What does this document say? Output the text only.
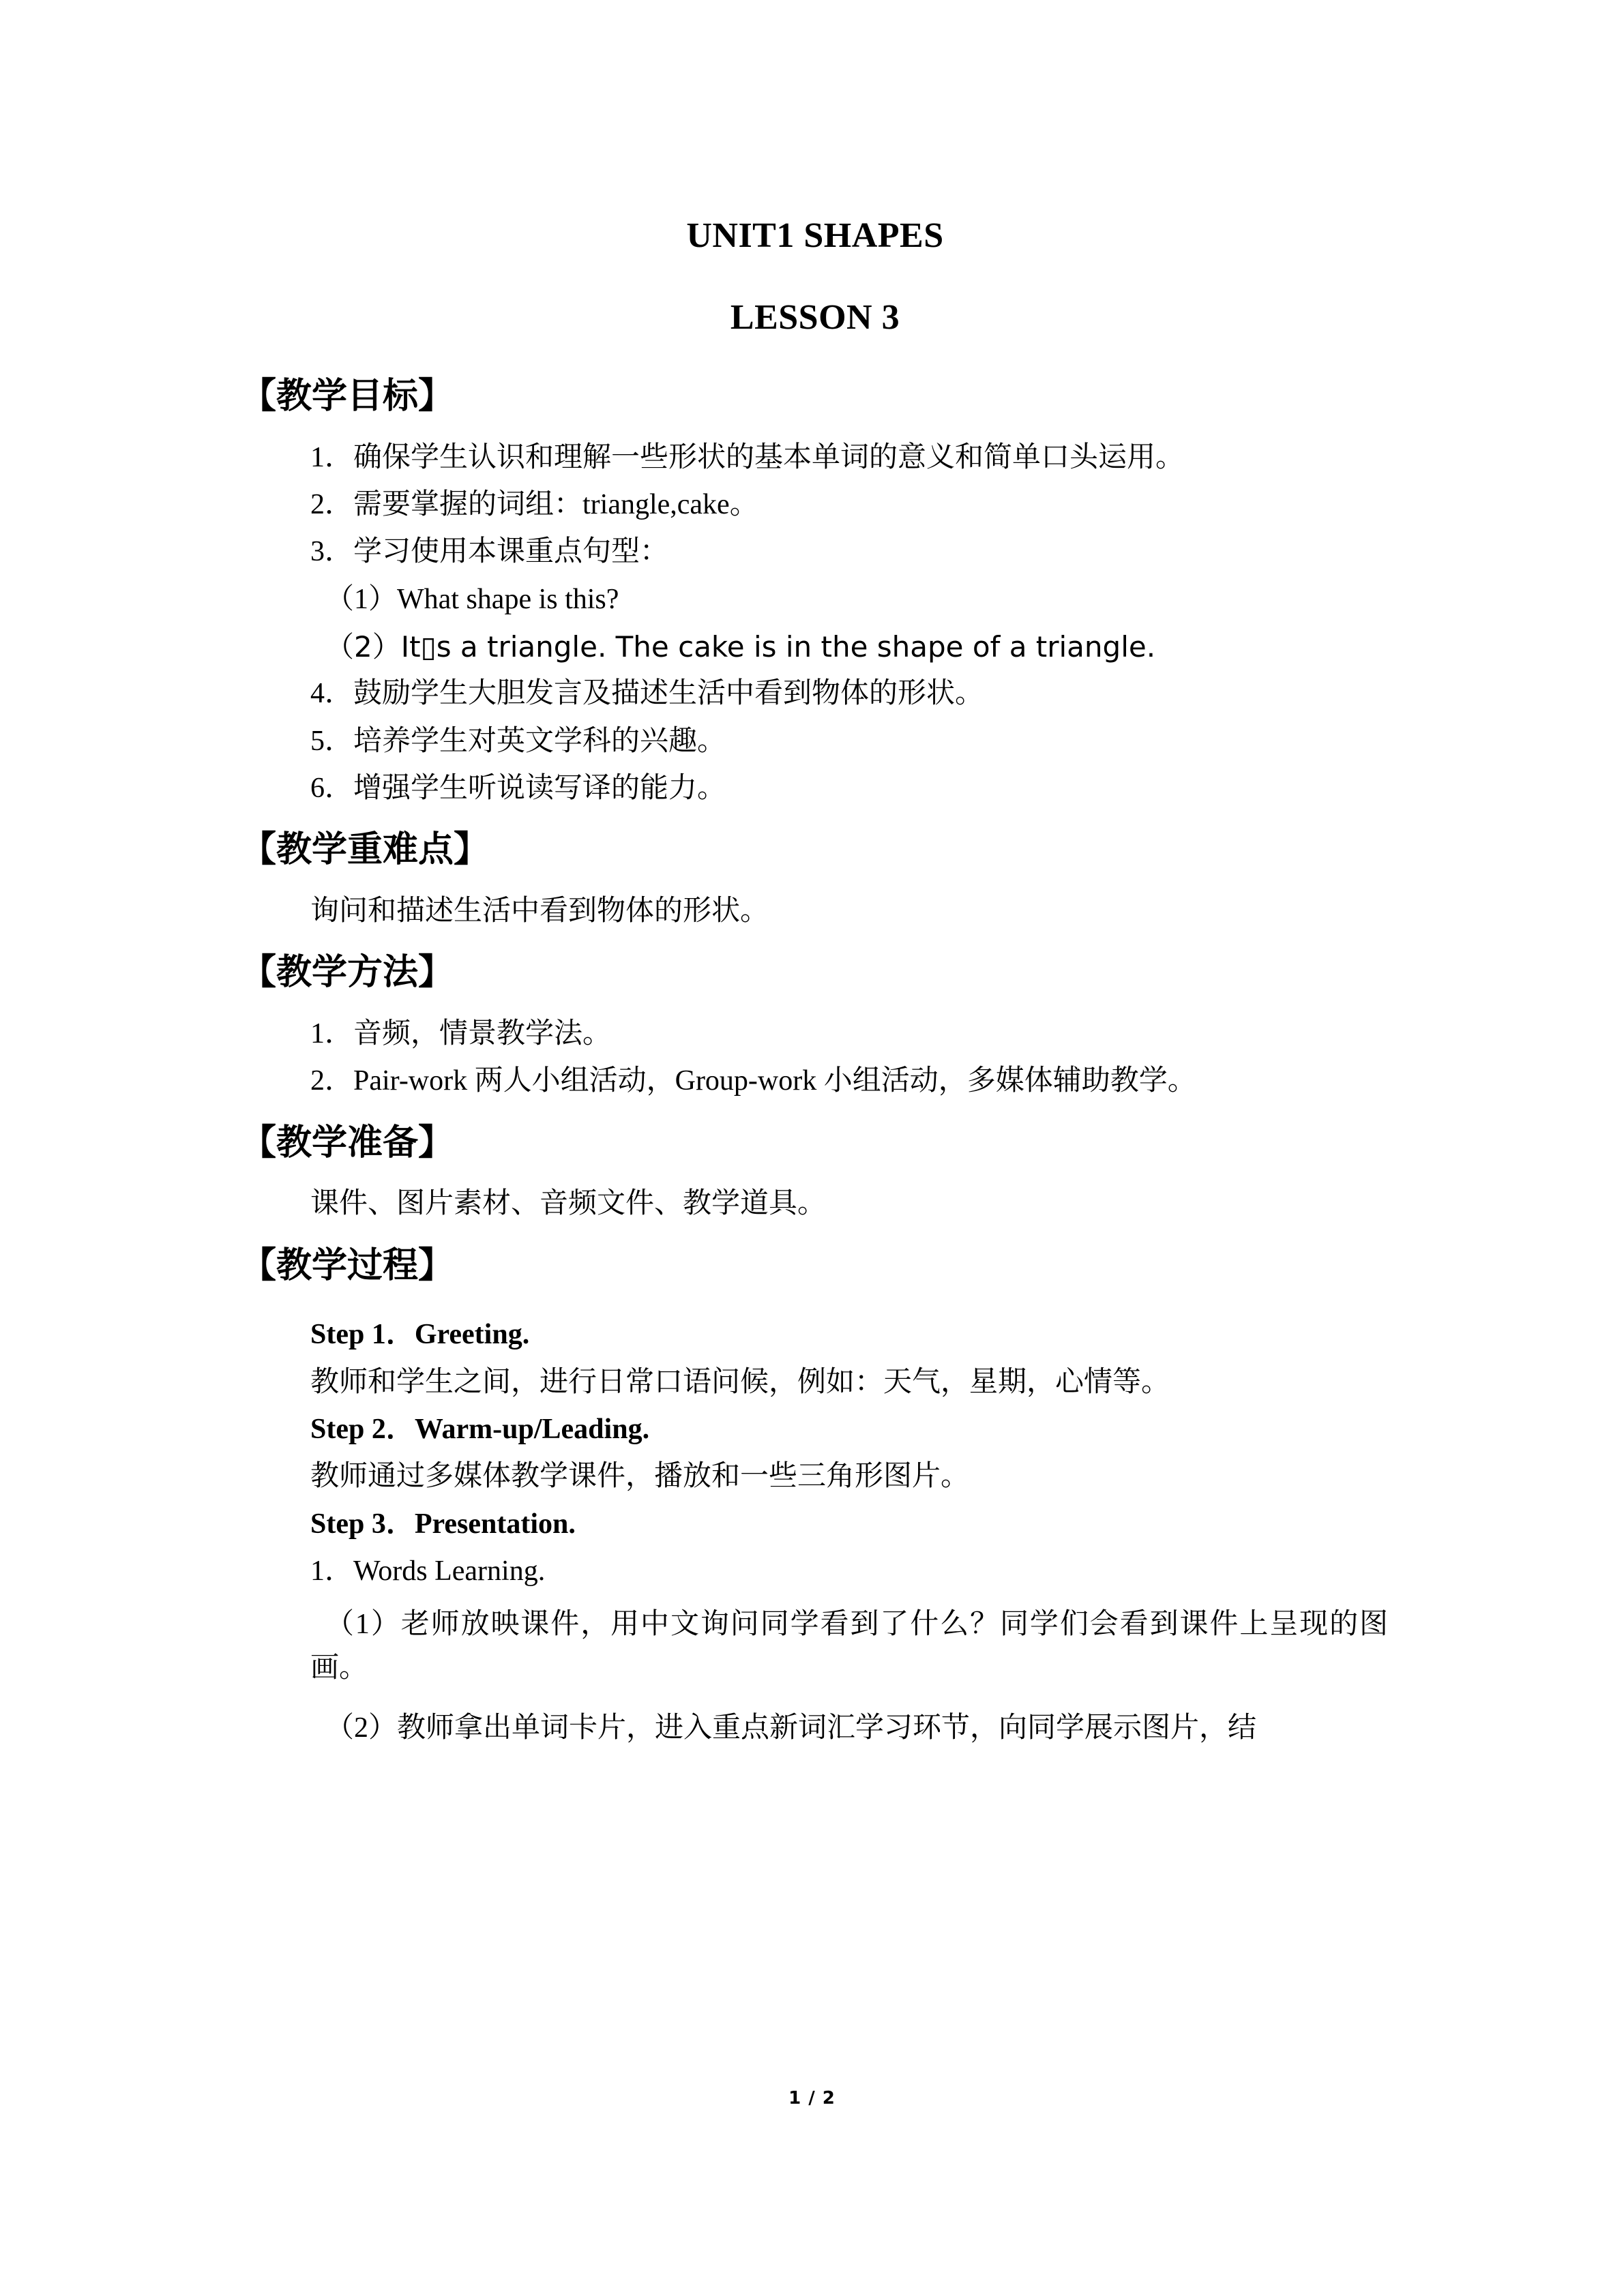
UNIT1 SHAPES
LESSON 3
【教学目标】
1．确保学生认识和理解一些形状的基本单词的意义和简单口头运用。
2．需要掌握的词组：triangle,cake。
3．学习使用本课重点句型：
（1）What shape is this?
（2）It▯s a triangle. The cake is in the shape of a triangle.
4．鼓励学生大胆发言及描述生活中看到物体的形状。
5．培养学生对英文学科的兴趣。
6．增强学生听说读写译的能力。
【教学重难点】
询问和描述生活中看到物体的形状。
【教学方法】
1．音频，情景教学法。
2．Pair-work 两人小组活动，Group-work 小组活动，多媒体辅助教学。
【教学准备】
课件、图片素材、音频文件、教学道具。
【教学过程】
Step 1．Greeting.
教师和学生之间，进行日常口语问候，例如：天气，星期，心情等。
Step 2．Warm-up/Leading.
教师通过多媒体教学课件，播放和一些三角形图片。
Step 3．Presentation.
1．Words Learning.
（1）老师放映课件，用中文询问同学看到了什么？同学们会看到课件上呈现的图画。
（2）教师拿出单词卡片，进入重点新词汇学习环节，向同学展示图片，结
1 / 2
